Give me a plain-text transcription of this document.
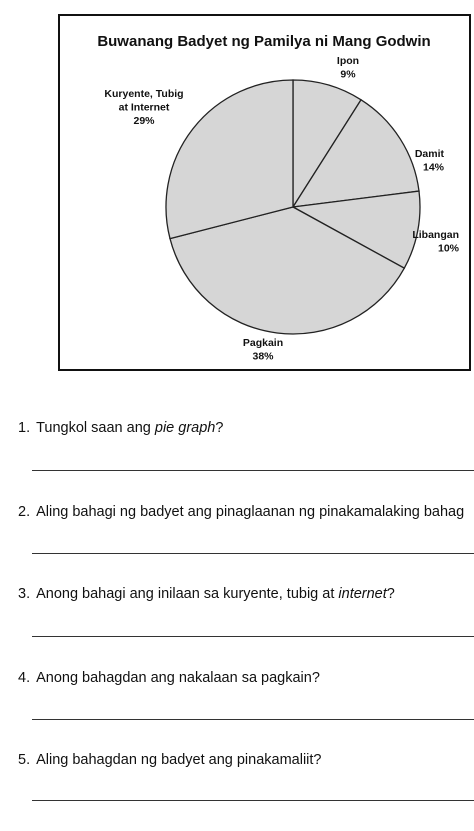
Buwanang Badyet ng Pamilya ni Mang Godwin
Ipon 9%
Damit 14%
Libangan 10%
Pagkain 38%
Kuryente, Tubig at Internet 29%
1. Tungkol saan ang pie graph?
2. Aling bahagi ng badyet ang pinaglaanan ng pinakamalaking bahag
3. Anong bahagi ang inilaan sa kuryente, tubig at internet?
4. Anong bahagdan ang nakalaan sa pagkain?
5. Aling bahagdan ng badyet ang pinakamaliit?
